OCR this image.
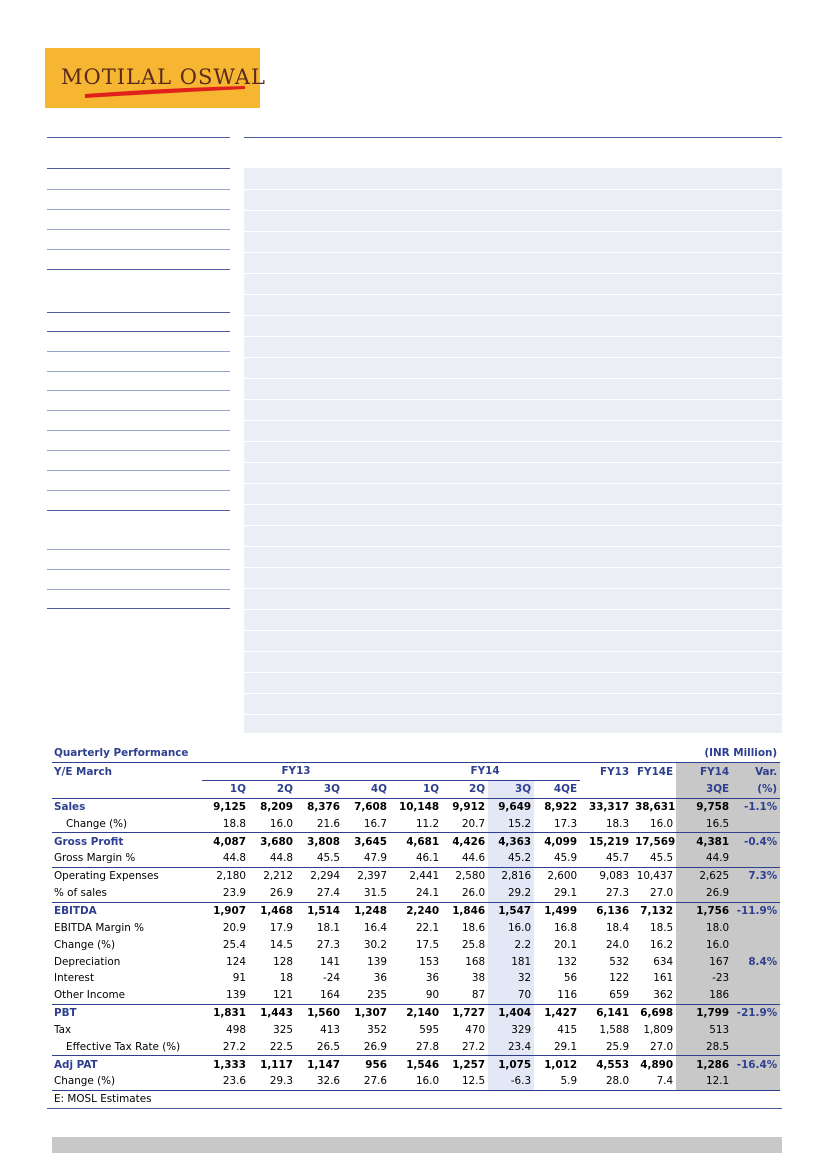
MOTILAL OSWAL
Quarterly Performance											(INR Million)	
Y/E March	FY13				FY14				FY13	FY14E	FY14	Var.
	1Q	2Q	3Q	4Q	1Q	2Q	3Q	4QE			3QE	(%)
Sales	9,125	8,209	8,376	7,608	10,148	9,912	9,649	8,922	33,317	38,631	9,758	-1.1%
Change (%)	18.8	16.0	21.6	16.7	11.2	20.7	15.2	17.3	18.3	16.0	16.5	
Gross Profit	4,087	3,680	3,808	3,645	4,681	4,426	4,363	4,099	15,219	17,569	4,381	-0.4%
Gross Margin %	44.8	44.8	45.5	47.9	46.1	44.6	45.2	45.9	45.7	45.5	44.9	
Operating Expenses	2,180	2,212	2,294	2,397	2,441	2,580	2,816	2,600	9,083	10,437	2,625	7.3%
% of sales	23.9	26.9	27.4	31.5	24.1	26.0	29.2	29.1	27.3	27.0	26.9	
EBITDA	1,907	1,468	1,514	1,248	2,240	1,846	1,547	1,499	6,136	7,132	1,756	-11.9%
EBITDA Margin %	20.9	17.9	18.1	16.4	22.1	18.6	16.0	16.8	18.4	18.5	18.0	
Change (%)	25.4	14.5	27.3	30.2	17.5	25.8	2.2	20.1	24.0	16.2	16.0	
Depreciation	124	128	141	139	153	168	181	132	532	634	167	8.4%
Interest	91	18	-24	36	36	38	32	56	122	161	-23	
Other Income	139	121	164	235	90	87	70	116	659	362	186	
PBT	1,831	1,443	1,560	1,307	2,140	1,727	1,404	1,427	6,141	6,698	1,799	-21.9%
Tax	498	325	413	352	595	470	329	415	1,588	1,809	513	
Effective Tax Rate (%)	27.2	22.5	26.5	26.9	27.8	27.2	23.4	29.1	25.9	27.0	28.5	
Adj PAT	1,333	1,117	1,147	956	1,546	1,257	1,075	1,012	4,553	4,890	1,286	-16.4%
Change (%)	23.6	29.3	32.6	27.6	16.0	12.5	-6.3	5.9	28.0	7.4	12.1	
E: MOSL Estimates												
